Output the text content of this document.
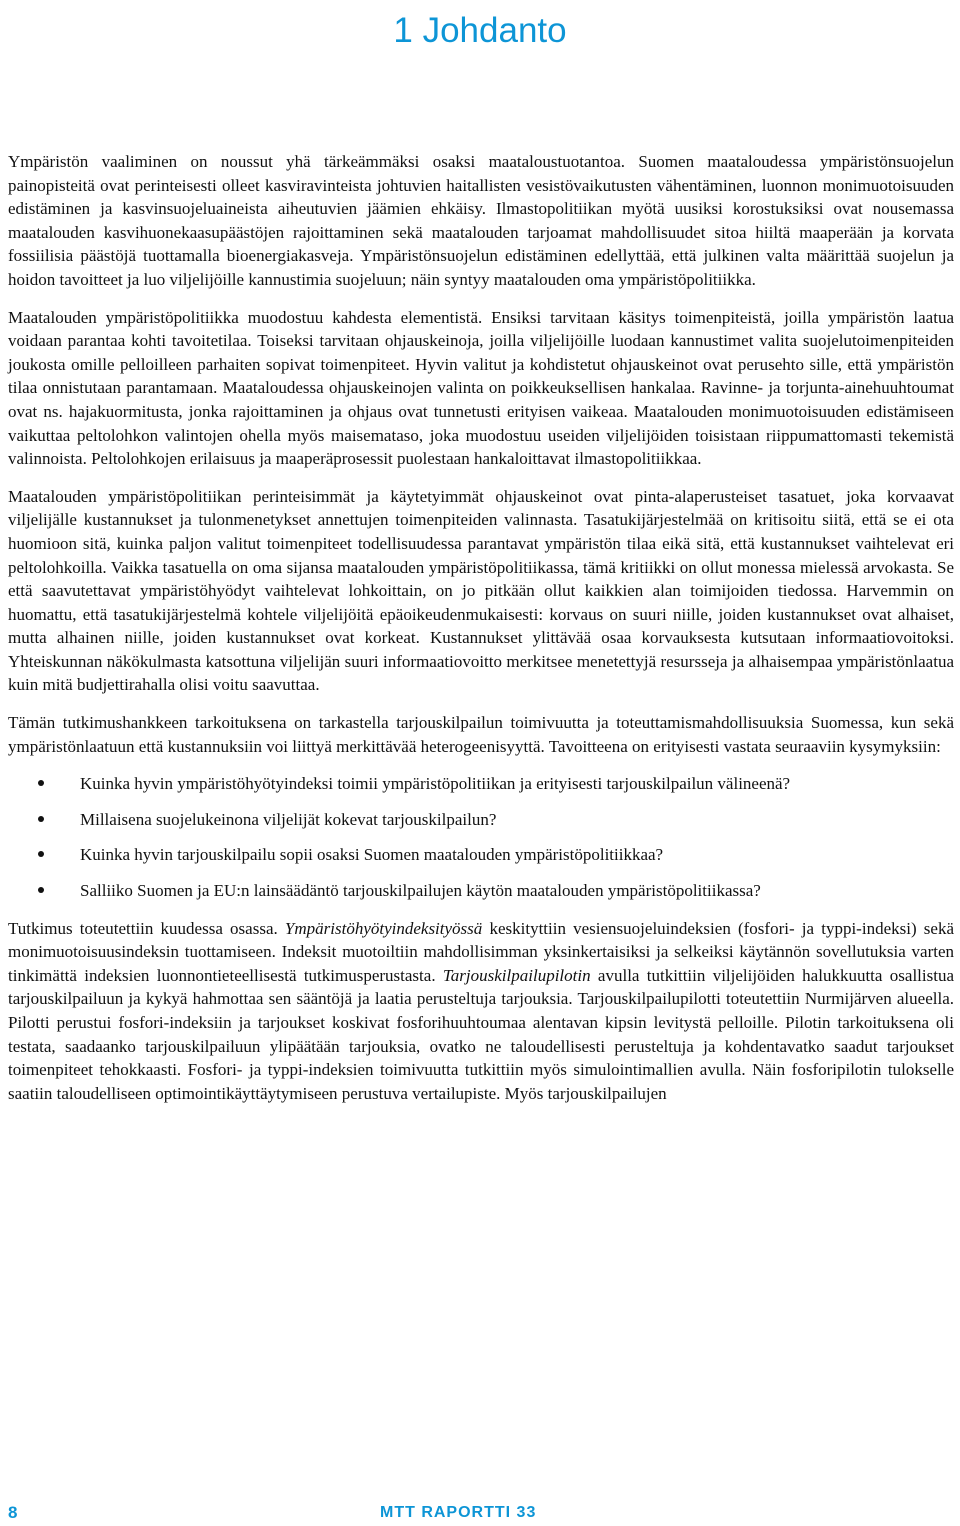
1 Johdanto

Ympäristön vaaliminen on noussut yhä tärkeämmäksi osaksi maataloustuotantoa. Suomen maataloudessa ympäristönsuojelun painopisteitä ovat perinteisesti olleet kasviravinteista johtuvien haitallisten vesistövaikutusten vähentäminen, luonnon monimuotoisuuden edistäminen ja kasvinsuojeluaineista aiheutuvien jäämien ehkäisy. Ilmastopolitiikan myötä uusiksi korostuksiksi ovat nousemassa maatalouden kasvihuonekaasupäästöjen rajoittaminen sekä maatalouden tarjoamat mahdollisuudet sitoa hiiltä maaperään ja korvata fossiilisia päästöjä tuottamalla bioenergiakasveja. Ympäristönsuojelun edistäminen edellyttää, että julkinen valta määrittää suojelun ja hoidon tavoitteet ja luo viljelijöille kannustimia suojeluun; näin syntyy maatalouden oma ympäristöpolitiikka.

Maatalouden ympäristöpolitiikka muodostuu kahdesta elementistä. Ensiksi tarvitaan käsitys toimenpiteistä, joilla ympäristön laatua voidaan parantaa kohti tavoitetilaa. Toiseksi tarvitaan ohjauskeinoja, joilla viljelijöille luodaan kannustimet valita suojelutoimenpiteiden joukosta omille pelloilleen parhaiten sopivat toimenpiteet. Hyvin valitut ja kohdistetut ohjauskeinot ovat perusehto sille, että ympäristön tilaa onnistutaan parantamaan. Maataloudessa ohjauskeinojen valinta on poikkeuksellisen hankalaa. Ravinne- ja torjunta-ainehuuhtoumat ovat ns. hajakuormitusta, jonka rajoittaminen ja ohjaus ovat tunnetusti erityisen vaikeaa. Maatalouden monimuotoisuuden edistämiseen vaikuttaa peltolohkon valintojen ohella myös maisemataso, joka muodostuu useiden viljelijöiden toisistaan riippumattomasti tekemistä valinnoista. Peltolohkojen erilaisuus ja maaperäprosessit puolestaan hankaloittavat ilmastopolitiikkaa.

Maatalouden ympäristöpolitiikan perinteisimmät ja käytetyimmät ohjauskeinot ovat pinta-alaperusteiset tasatuet, joka korvaavat viljelijälle kustannukset ja tulonmenetykset annettujen toimenpiteiden valinnasta. Tasatukijärjestelmää on kritisoitu siitä, että se ei ota huomioon sitä, kuinka paljon valitut toimenpiteet todellisuudessa parantavat ympäristön tilaa eikä sitä, että kustannukset vaihtelevat eri peltolohkoilla. Vaikka tasatuella on oma sijansa maatalouden ympäristöpolitiikassa, tämä kritiikki on ollut monessa mielessä arvokasta. Se että saavutettavat ympäristöhyödyt vaihtelevat lohkoittain, on jo pitkään ollut kaikkien alan toimijoiden tiedossa. Harvemmin on huomattu, että tasatukijärjestelmä kohtele viljelijöitä epäoikeudenmukaisesti: korvaus on suuri niille, joiden kustannukset ovat alhaiset, mutta alhainen niille, joiden kustannukset ovat korkeat. Kustannukset ylittävää osaa korvauksesta kutsutaan informaatiovoitoksi. Yhteiskunnan näkökulmasta katsottuna viljelijän suuri informaatiovoitto merkitsee menetettyjä resursseja ja alhaisempaa ympäristönlaatua kuin mitä budjettirahalla olisi voitu saavuttaa.

Tämän tutkimushankkeen tarkoituksena on tarkastella tarjouskilpailun toimivuutta ja toteuttamismahdollisuuksia Suomessa, kun sekä ympäristönlaatuun että kustannuksiin voi liittyä merkittävää heterogeenisyyttä. Tavoitteena on erityisesti vastata seuraaviin kysymyksiin:

Kuinka hyvin ympäristöhyötyindeksi toimii ympäristöpolitiikan ja erityisesti tarjouskilpailun välineenä?
Millaisena suojelukeinona viljelijät kokevat tarjouskilpailun?
Kuinka hyvin tarjouskilpailu sopii osaksi Suomen maatalouden ympäristöpolitiikkaa?
Salliiko Suomen ja EU:n lainsäädäntö tarjouskilpailujen käytön maatalouden ympäristöpolitiikassa?

Tutkimus toteutettiin kuudessa osassa. Ympäristöhyötyindeksityössä keskityttiin vesiensuojeluindeksien (fosfori- ja typpi-indeksi) sekä monimuotoisuusindeksin tuottamiseen. Indeksit muotoiltiin mahdollisimman yksinkertaisiksi ja selkeiksi käytännön sovellutuksia varten tinkimättä indeksien luonnontieteellisestä tutkimusperustasta. Tarjouskilpailupilotin avulla tutkittiin viljelijöiden halukkuutta osallistua tarjouskilpailuun ja kykyä hahmottaa sen sääntöjä ja laatia perusteltuja tarjouksia. Tarjouskilpailupilotti toteutettiin Nurmijärven alueella. Pilotti perustui fosfori-indeksiin ja tarjoukset koskivat fosforihuuhtoumaa alentavan kipsin levitystä pelloille. Pilotin tarkoituksena oli testata, saadaanko tarjouskilpailuun ylipäätään tarjouksia, ovatko ne taloudellisesti perusteltuja ja kohdentavatko saadut tarjoukset toimenpiteet tehokkaasti. Fosfori- ja typpi-indeksien toimivuutta tutkittiin myös simulointimallien avulla. Näin fosforipilotin tulokselle saatiin taloudelliseen optimointikäyttäytymiseen perustuva vertailupiste. Myös tarjouskilpailujen

8	MTT RAPORTTI 33
